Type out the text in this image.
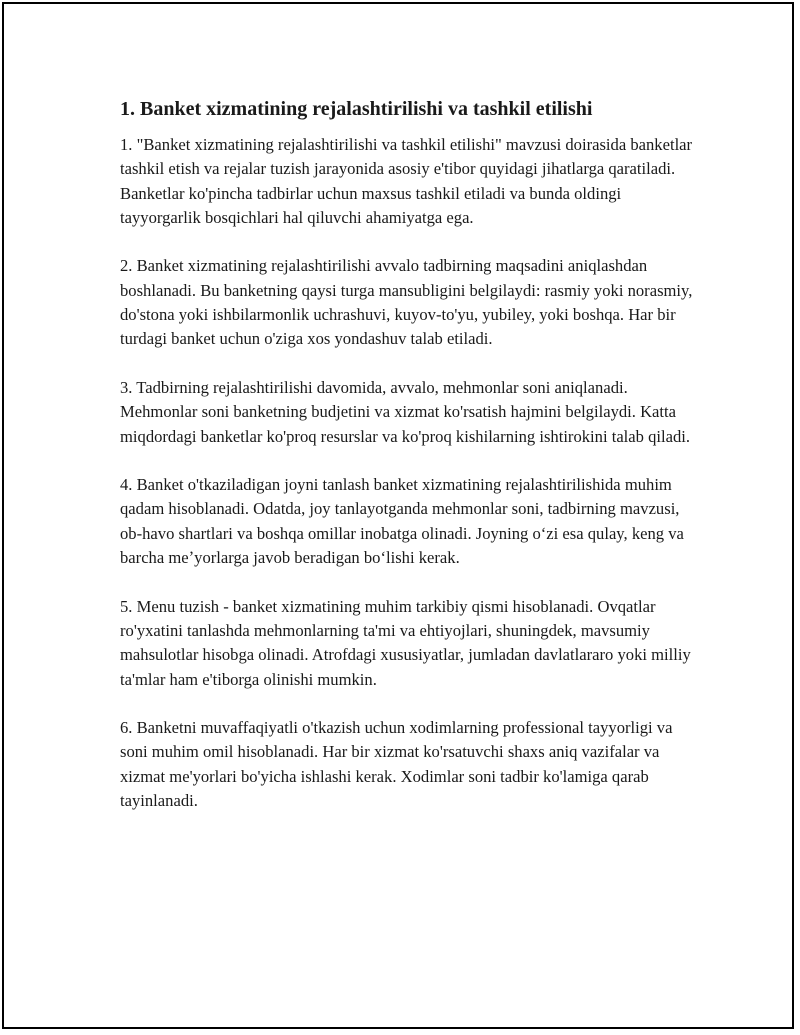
1. Banket xizmatining rejalashtirilishi va tashkil etilishi

1. "Banket xizmatining rejalashtirilishi va tashkil etilishi" mavzusi doirasida banketlar tashkil etish va rejalar tuzish jarayonida asosiy e'tibor quyidagi jihatlarga qaratiladi. Banketlar ko'pincha tadbirlar uchun maxsus tashkil etiladi va bunda oldingi tayyorgarlik bosqichlari hal qiluvchi ahamiyatga ega.

2. Banket xizmatining rejalashtirilishi avvalo tadbirning maqsadini aniqlashdan boshlanadi. Bu banketning qaysi turga mansubligini belgilaydi: rasmiy yoki norasmiy, do'stona yoki ishbilarmonlik uchrashuvi, kuyov-to'yu, yubiley, yoki boshqa. Har bir turdagi banket uchun o'ziga xos yondashuv talab etiladi.

3. Tadbirning rejalashtirilishi davomida, avvalo, mehmonlar soni aniqlanadi. Mehmonlar soni banketning budjetini va xizmat ko'rsatish hajmini belgilaydi. Katta miqdordagi banketlar ko'proq resurslar va ko'proq kishilarning ishtirokini talab qiladi.

4. Banket o'tkaziladigan joyni tanlash banket xizmatining rejalashtirilishida muhim qadam hisoblanadi. Odatda, joy tanlayotganda mehmonlar soni, tadbirning mavzusi, ob-havo shartlari va boshqa omillar inobatga olinadi. Joyning oʻzi esa qulay, keng va barcha meʼyorlarga javob beradigan boʻlishi kerak.

5. Menu tuzish - banket xizmatining muhim tarkibiy qismi hisoblanadi. Ovqatlar ro'yxatini tanlashda mehmonlarning ta'mi va ehtiyojlari, shuningdek, mavsumiy mahsulotlar hisobga olinadi. Atrofdagi xususiyatlar, jumladan davlatlararo yoki milliy ta'mlar ham e'tiborga olinishi mumkin.

6. Banketni muvaffaqiyatli o'tkazish uchun xodimlarning professional tayyorligi va soni muhim omil hisoblanadi. Har bir xizmat ko'rsatuvchi shaxs aniq vazifalar va xizmat me'yorlari bo'yicha ishlashi kerak. Xodimlar soni tadbir ko'lamiga qarab tayinlanadi.
